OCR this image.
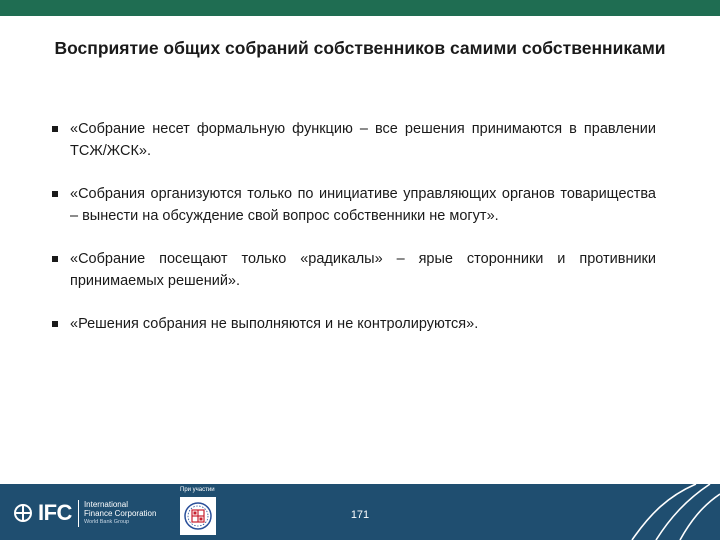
Восприятие общих собраний собственников самими собственниками
«Собрание несет формальную функцию – все решения принимаются в правлении ТСЖ/ЖСК».
«Собрания организуются только по инициативе управляющих органов товарищества – вынести на обсуждение свой вопрос собственники не могут».
«Собрание посещают только «радикалы» – ярые сторонники и противники принимаемых решений».
«Решения собрания не выполняются и не контролируются».
IFC International
Finance Corporation
World Bank Group
При участии
171
